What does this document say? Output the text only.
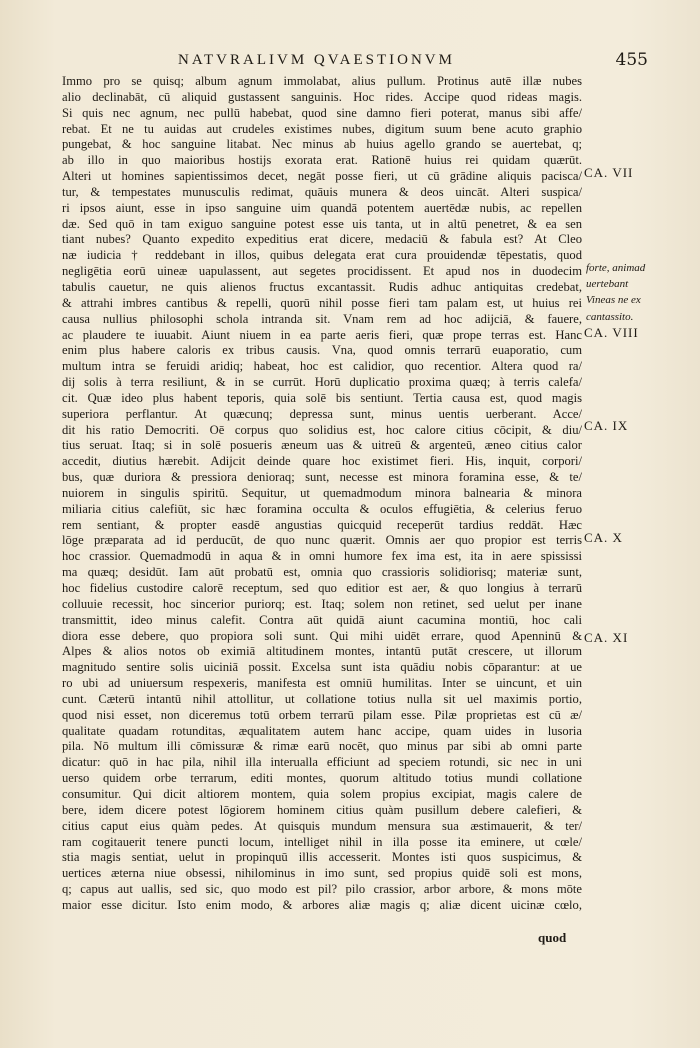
NATVRALIVM QVAESTIONVM	455
Immo pro se quisq; album agnum immolabat, alius pullum. Protinus autē illæ nubes
alio declinabāt, cū aliquid gustassent sanguinis. Hoc rides. Accipe quod rideas magis.
Si quis nec agnum, nec pullū habebat, quod sine damno fieri poterat, manus sibi affe/
rebat. Et ne tu auidas aut crudeles existimes nubes, digitum suum bene acuto graphio
pungebat, & hoc sanguine litabat. Nec minus ab huius agello grando se auertebat, q;
ab illo in quo maioribus hostijs exorata erat. Rationē huius rei quidam quærūt.
Alteri ut homines sapientissimos decet, negāt posse fieri, ut cū grādine aliquis pacisca/
tur, & tempestates munusculis redimat, quāuis munera & deos uincāt. Alteri suspica/
ri ipsos aiunt, esse in ipso sanguine uim quandā potentem auertēdæ nubis, ac repellen
dæ. Sed quō in tam exiguo sanguine potest esse uis tanta, ut in altū penetret, & ea sen
tiant nubes? Quanto expedito expeditius erat dicere, medaciū & fabula est? At Cleo
næ iudicia † reddebant in illos, quibus delegata erat cura prouidendæ tēpestatis, quod
negligētia eorū uineæ uapulassent, aut segetes procidissent. Et apud nos in duodecim
tabulis cauetur, ne quis alienos fructus excantassit. Rudis adhuc antiquitas credebat,
& attrahi imbres cantibus & repelli, quorū nihil posse fieri tam palam est, ut huius rei
causa nullius philosophi schola intranda sit. Vnam rem ad hoc adijciā, & fauere,
ac plaudere te iuuabit. Aiunt niuem in ea parte aeris fieri, quæ prope terras est. Hanc
enim plus habere caloris ex tribus causis. Vna, quod omnis terrarū euaporatio, cum
multum intra se feruidi aridiq; habeat, hoc est calidior, quo recentior. Altera quod ra/
dij solis à terra resiliunt, & in se currūt. Horū duplicatio proxima quæq; à terris calefa/
cit. Quæ ideo plus habent teporis, quia solē bis sentiunt. Tertia causa est, quod magis
superiora perflantur. At quæcunq; depressa sunt, minus uentis uerberant. Acce/
dit his ratio Democriti. Oē corpus quo solidius est, hoc calore citius cōcipit, & diu/
tius seruat. Itaq; si in solē posueris æneum uas & uitreū & argenteū, æneo citius calor
accedit, diutius hærebit. Adijcit deinde quare hoc existimet fieri. His, inquit, corpori/
bus, quæ duriora & pressiora denioraq; sunt, necesse est minora foramina esse, & te/
nuiorem in singulis spiritū. Sequitur, ut quemadmodum minora balnearia & minora
miliaria citius calefiūt, sic hæc foramina occulta & oculos effugiētia, & celerius feruo
rem sentiant, & propter easdē angustias quicquid receperūt tardius reddāt. Hæc
lōge præparata ad id perducūt, de quo nunc quærit. Omnis aer quo propior est terris
hoc crassior. Quemadmodū in aqua & in omni humore fex ima est, ita in aere spississi
ma quæq; desidūt. Iam aūt probatū est, omnia quo crassioris solidiorisq; materiæ sunt,
hoc fidelius custodire calorē receptum, sed quo editior est aer, & quo longius à terrarū
colluuie recessit, hoc sincerior puriorq; est. Itaq; solem non retinet, sed uelut per inane
transmittit, ideo minus calefit. Contra aūt quidā aiunt cacumina montiū, hoc cali
diora esse debere, quo propiora soli sunt. Qui mihi uidēt errare, quod Apenninū &
Alpes & alios notos ob eximiā altitudinem montes, intantū putāt crescere, ut illorum
magnitudo sentire solis uiciniā possit. Excelsa sunt ista quādiu nobis cōparantur: at ue
ro ubi ad uniuersum respexeris, manifesta est omniū humilitas. Inter se uincunt, et uin
cunt. Cæterū intantū nihil attollitur, ut collatione totius nulla sit uel maximis portio,
quod nisi esset, non diceremus totū orbem terrarū pilam esse. Pilæ proprietas est cū æ/
qualitate quadam rotunditas, æqualitatem autem hanc accipe, quam uides in lusoria
pila. Nō multum illi cōmissuræ & rimæ earū nocēt, quo minus par sibi ab omni parte
dicatur: quō in hac pila, nihil illa interualla efficiunt ad speciem rotundi, sic nec in uni
uerso quidem orbe terrarum, editi montes, quorum altitudo totius mundi collatione
consumitur. Qui dicit altiorem montem, quia solem propius excipiat, magis calere de
bere, idem dicere potest lōgiorem hominem citius quàm pusillum debere calefieri, &
citius caput eius quàm pedes. At quisquis mundum mensura sua æstimauerit, & ter/
ram cogitauerit tenere puncti locum, intelliget nihil in illa posse ita eminere, ut cœle/
stia magis sentiat, uelut in propinquū illis accesserit. Montes isti quos suspicimus, &
uertices æterna niue obsessi, nihilominus in imo sunt, sed propius quidē soli est mons,
q; capus aut uallis, sed sic, quo modo est pil? pilo crassior, arbor arbore, & mons mōte
maior esse dicitur. Isto enim modo, & arbores aliæ magis q; aliæ dicent uicinæ cœlo,
CA. VII
forte, animad
uertebant
Vineas ne ex
cantassito.
CA. VIII
CA. IX
CA. X
CA. XI
quod
